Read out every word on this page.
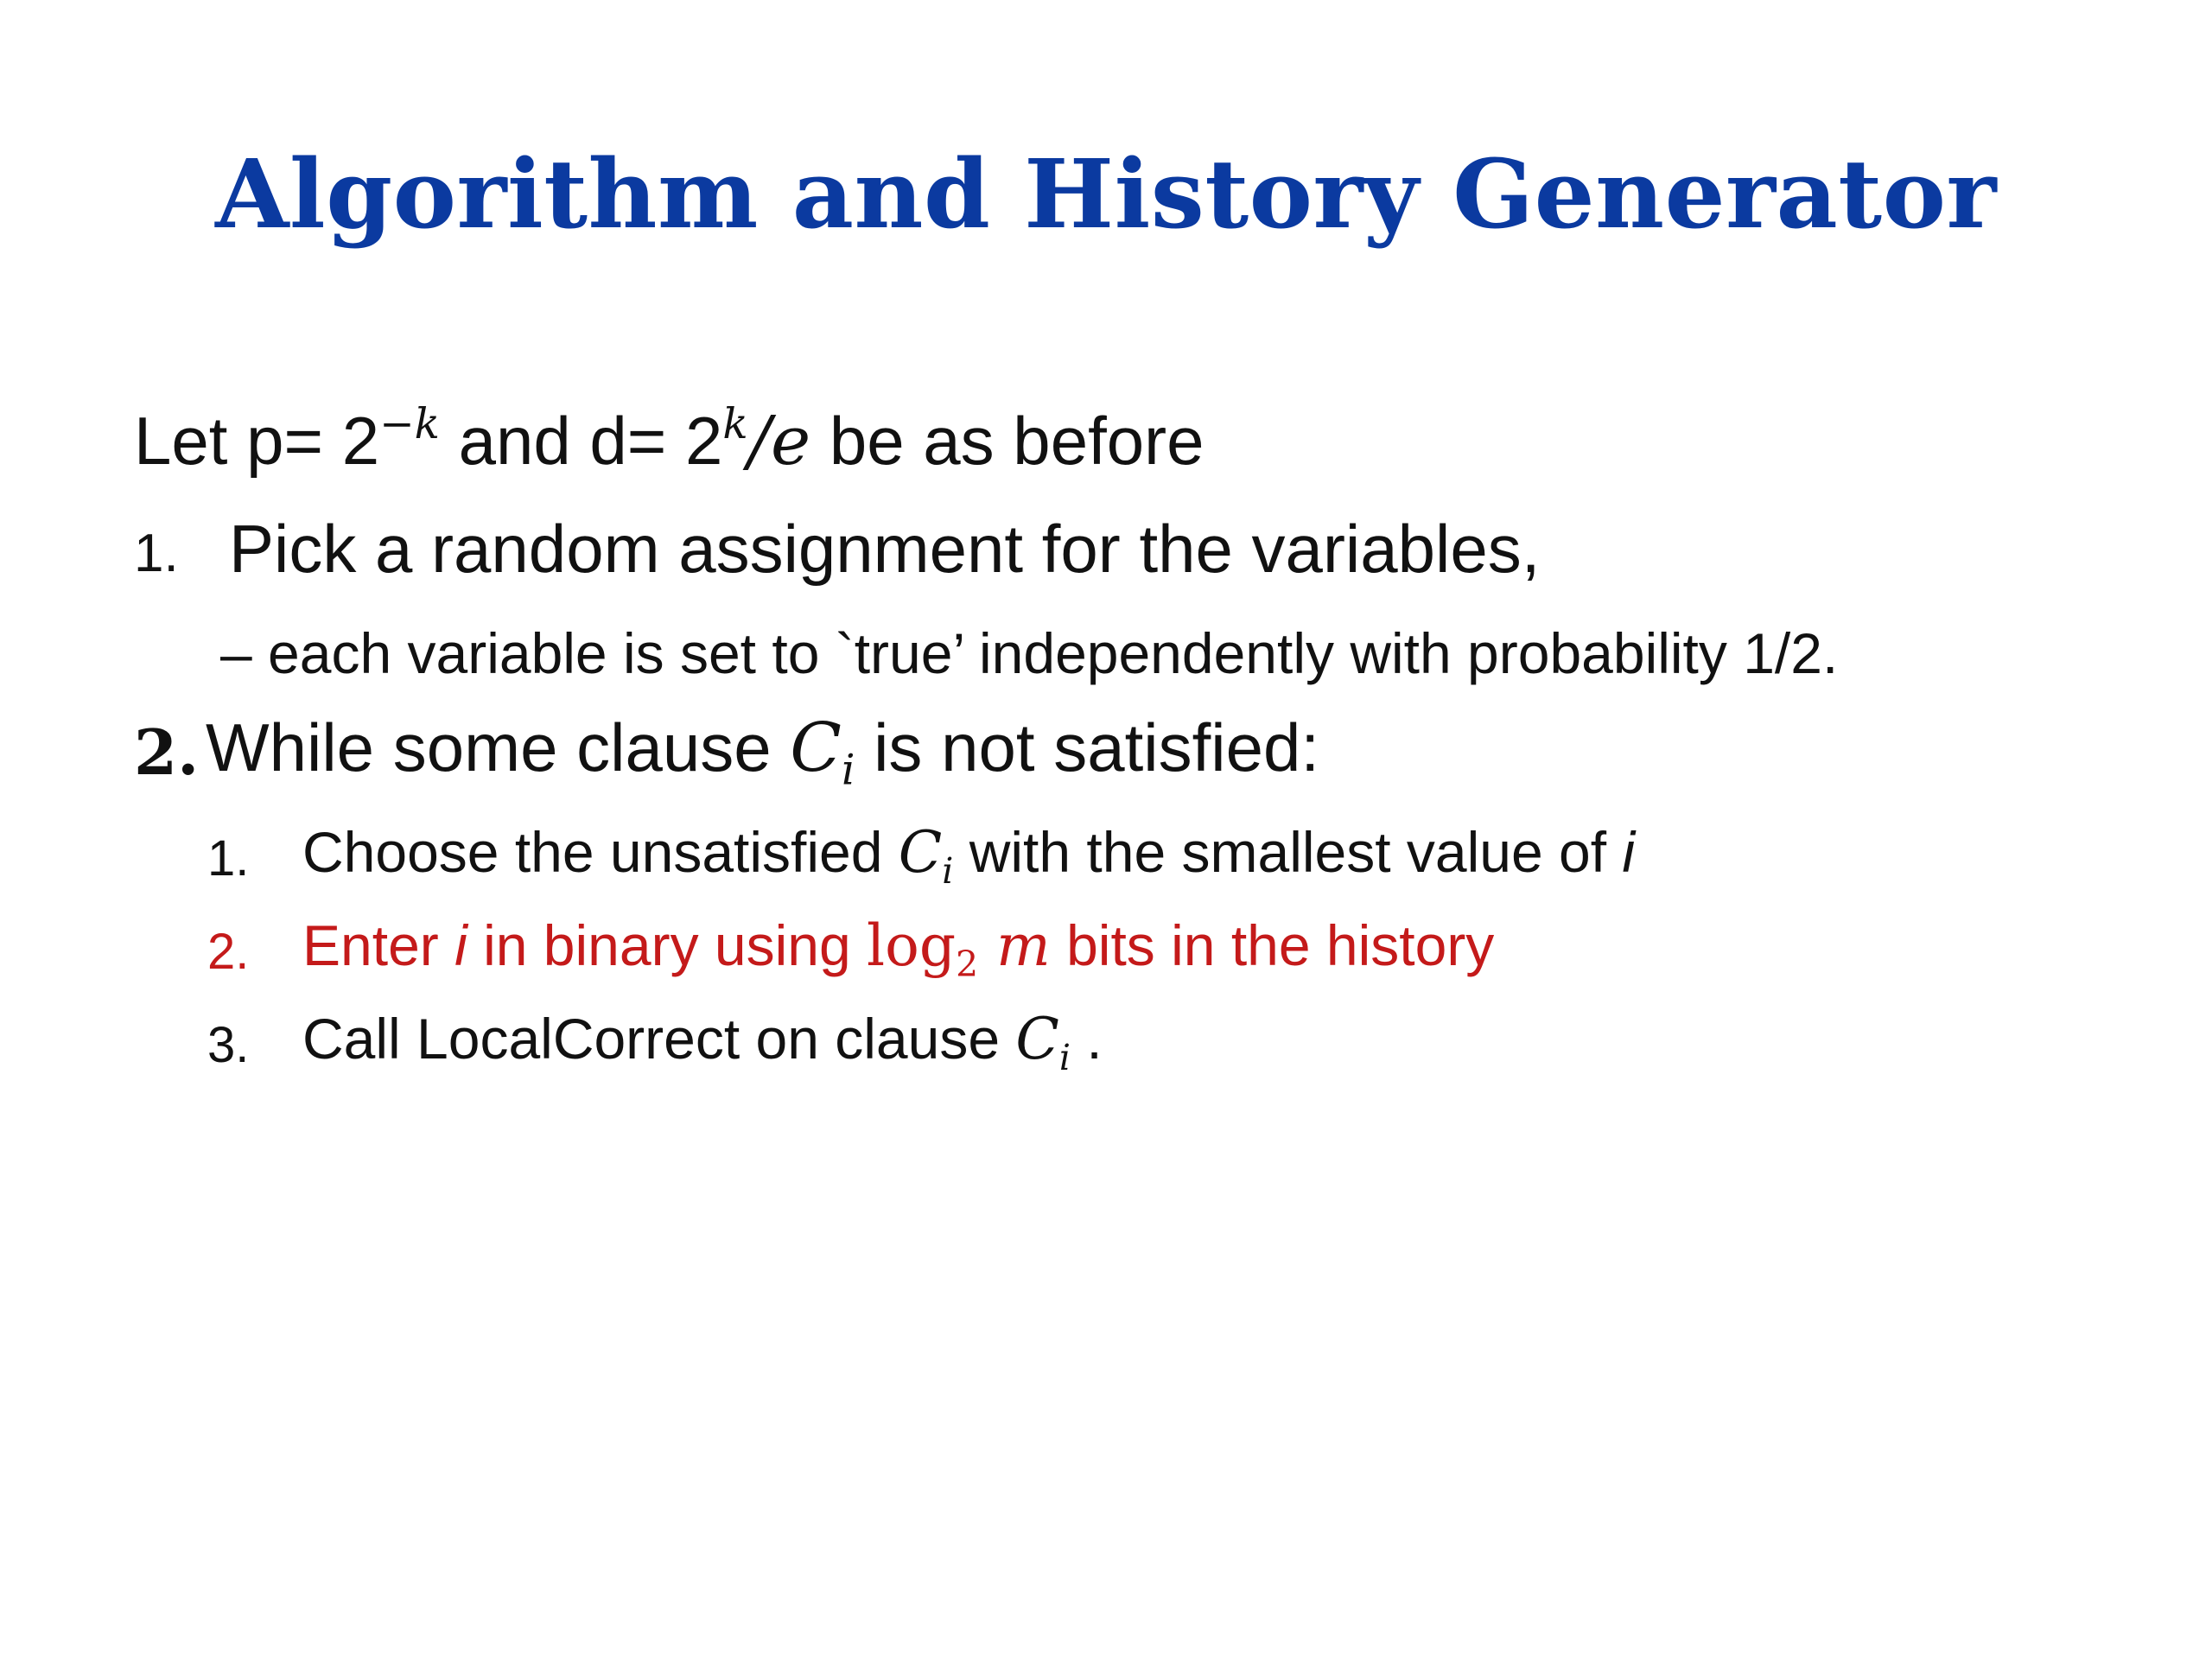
Algorithm and History Generator
Let $p= 2^{-k}$ and $d= 2^k/e$ be as before
1. Pick a random assignment for the variables,
– each variable is set to `true’ independently with probability 1/2.
2. While some clause $C_i$ is not satisfied:
1. Choose the unsatisfied $C_i$ with the smallest value of i
2. Enter i in binary using $\log_2 m$ bits in the history
3. Call LocalCorrect on clause $C_i$ .
